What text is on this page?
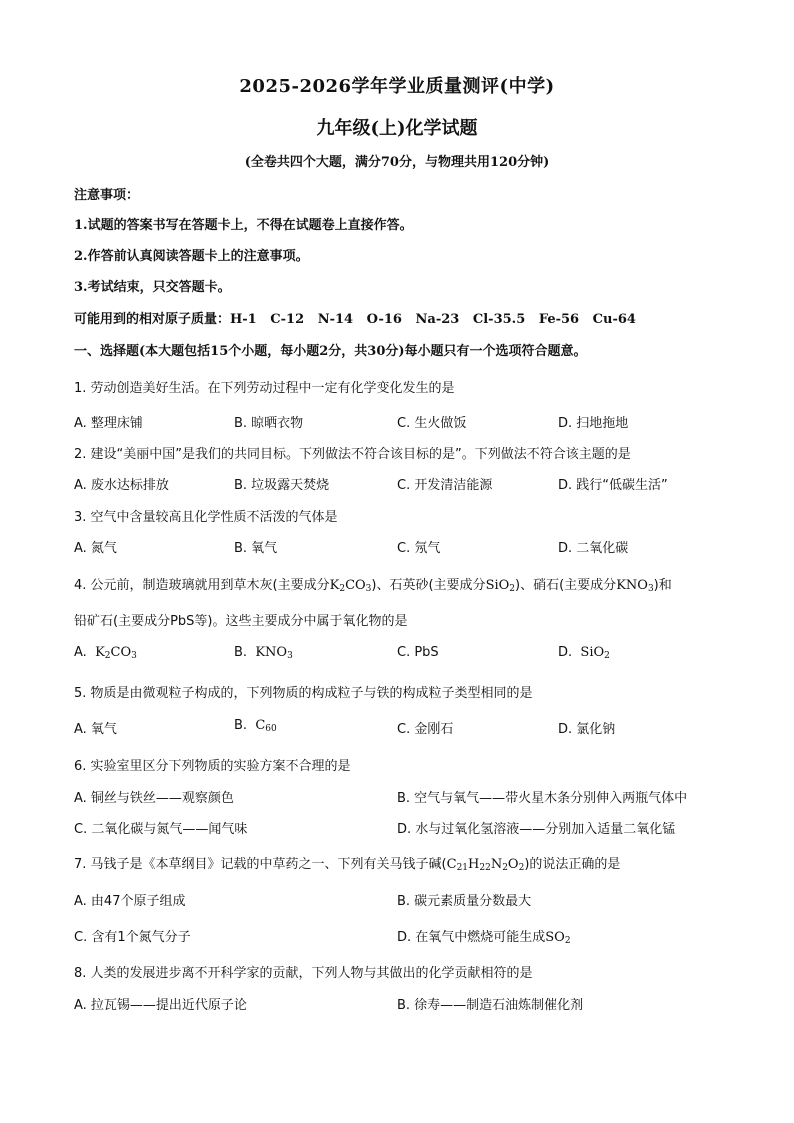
2025-2026学年学业质量测评(中学)
九年级(上)化学试题
(全卷共四个大题，满分70分，与物理共用120分钟)
注意事项：
1.试题的答案书写在答题卡上，不得在试题卷上直接作答。
2.作答前认真阅读答题卡上的注意事项。
3.考试结束，只交答题卡。
可能用到的相对原子质量：H-1   C-12   N-14   O-16   Na-23   Cl-35.5   Fe-56   Cu-64
一、选择题(本大题包括15个小题，每小题2分，共30分)每小题只有一个选项符合题意。
1. 劳动创造美好生活。在下列劳动过程中一定有化学变化发生的是
A. 整理床铺	B. 晾晒衣物	C. 生火做饭	D. 扫地拖地
2. 建设“美丽中国”是我们的共同目标。下列做法不符合该目标的是”。下列做法不符合该主题的是
A. 废水达标排放	B. 垃圾露天焚烧	C. 开发清洁能源	D. 践行“低碳生活”
3. 空气中含量较高且化学性质不活泼的气体是
A. 氮气	B. 氧气	C. 氖气	D. 二氧化碳
4. 公元前，制造玻璃就用到草木灰(主要成分$K_2CO_3$)、石英砂(主要成分SiO$_2$)、硝石(主要成分$KNO_3$)和
铅矿石(主要成分PbS等)。这些主要成分中属于氧化物的是
A. $K_2CO_3$	B. $KNO_3$	C. PbS	D. SiO$_2$
5. 物质是由微观粒子构成的，下列物质的构成粒子与铁的构成粒子类型相同的是
A. 氧气	B. $C_{60}$	C. 金刚石	D. 氯化钠
6. 实验室里区分下列物质的实验方案不合理的是
A. 铜丝与铁丝——观察颜色	B. 空气与氧气——带火星木条分别伸入两瓶气体中
C. 二氧化碳与氮气——闻气味	D. 水与过氧化氢溶液——分别加入适量二氧化锰
7. 马钱子是《本草纲目》记载的中草药之一、下列有关马钱子碱$(C_{21}H_{22}N_2O_2)$的说法正确的是
A. 由47个原子组成	B. 碳元素质量分数最大
C. 含有1个氮气分子	D. 在氧气中燃烧可能生成$SO_2$
8. 人类的发展进步离不开科学家的贡献，下列人物与其做出的化学贡献相符的是
A. 拉瓦锡——提出近代原子论	B. 徐寿——制造石油炼制催化剂
